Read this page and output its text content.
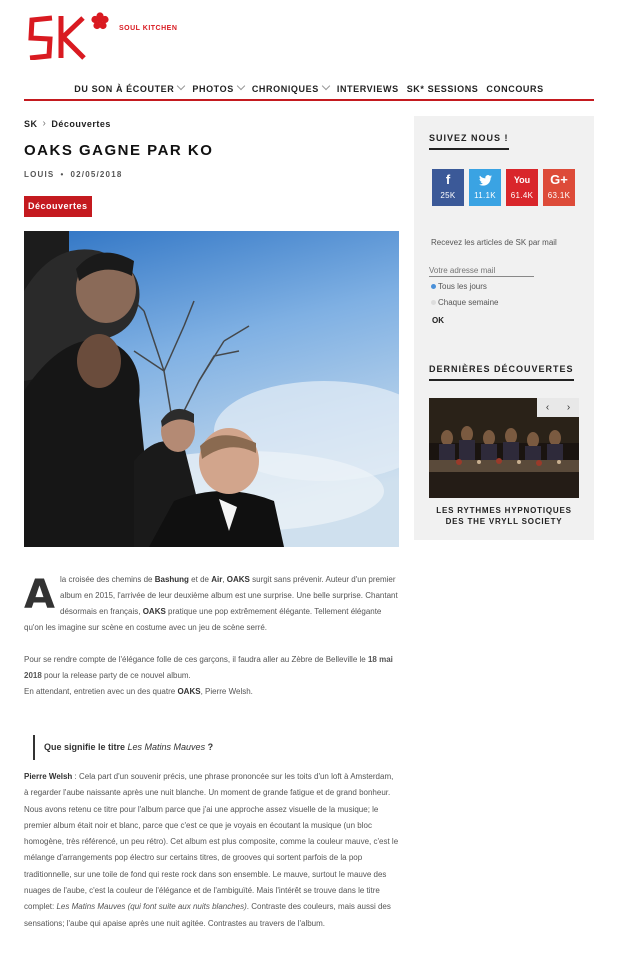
SOUL KITCHEN
DU SON À ÉCOUTER PHOTOS CHRONIQUES INTERVIEWS SK* SESSIONS CONCOURS
SK › Découvertes
OAKS GAGNE PAR KO
LOUIS • 02/05/2018
Découvertes
A la croisée des chemins de Bashung et de Air, OAKS surgit sans prévenir. Auteur d'un premier album en 2015, l'arrivée de leur deuxième album est une surprise. Une belle surprise. Chantant désormais en français, OAKS pratique une pop extrêmement élégante. Tellement élégante qu'on les imagine sur scène en costume avec un jeu de scène serré.
Pour se rendre compte de l'élégance folle de ces garçons, il faudra aller au Zèbre de Belleville le 18 mai 2018 pour la release party de ce nouvel album.
En attendant, entretien avec un des quatre OAKS, Pierre Welsh.
Que signifie le titre Les Matins Mauves ?
Pierre Welsh : Cela part d'un souvenir précis, une phrase prononcée sur les toits d'un loft à Amsterdam, à regarder l'aube naissante après une nuit blanche. Un moment de grande fatigue et de grand bonheur. Nous avons retenu ce titre pour l'album parce que j'ai une approche assez visuelle de la musique; le premier album était noir et blanc, parce que c'est ce que je voyais en écoutant la musique (un bloc homogène, très référencé, un peu rétro). Cet album est plus composite, comme la couleur mauve, c'est le mélange d'arrangements pop électro sur certains titres, de grooves qui sortent parfois de la pop traditionnelle, sur une toile de fond qui reste rock dans son ensemble. Le mauve, surtout le mauve des nuages de l'aube, c'est la couleur de l'élégance et de l'ambiguïté. Mais l'intérêt se trouve dans le titre complet: Les Matins Mauves (qui font suite aux nuits blanches). Contraste des couleurs, mais aussi des sensations; l'aube qui apaise après une nuit agitée. Contrastes au travers de l'album.
SUIVEZ NOUS !
f
25K	11.1K
You
61.4K
G+
63.1K
Recevez les articles de SK par mail
Votre adresse mail
Tous les jours
Chaque semaine
OK
DERNIÈRES DÉCOUVERTES
‹	›
LES RYTHMES HYPNOTIQUES DES THE VRYLL SOCIETY
